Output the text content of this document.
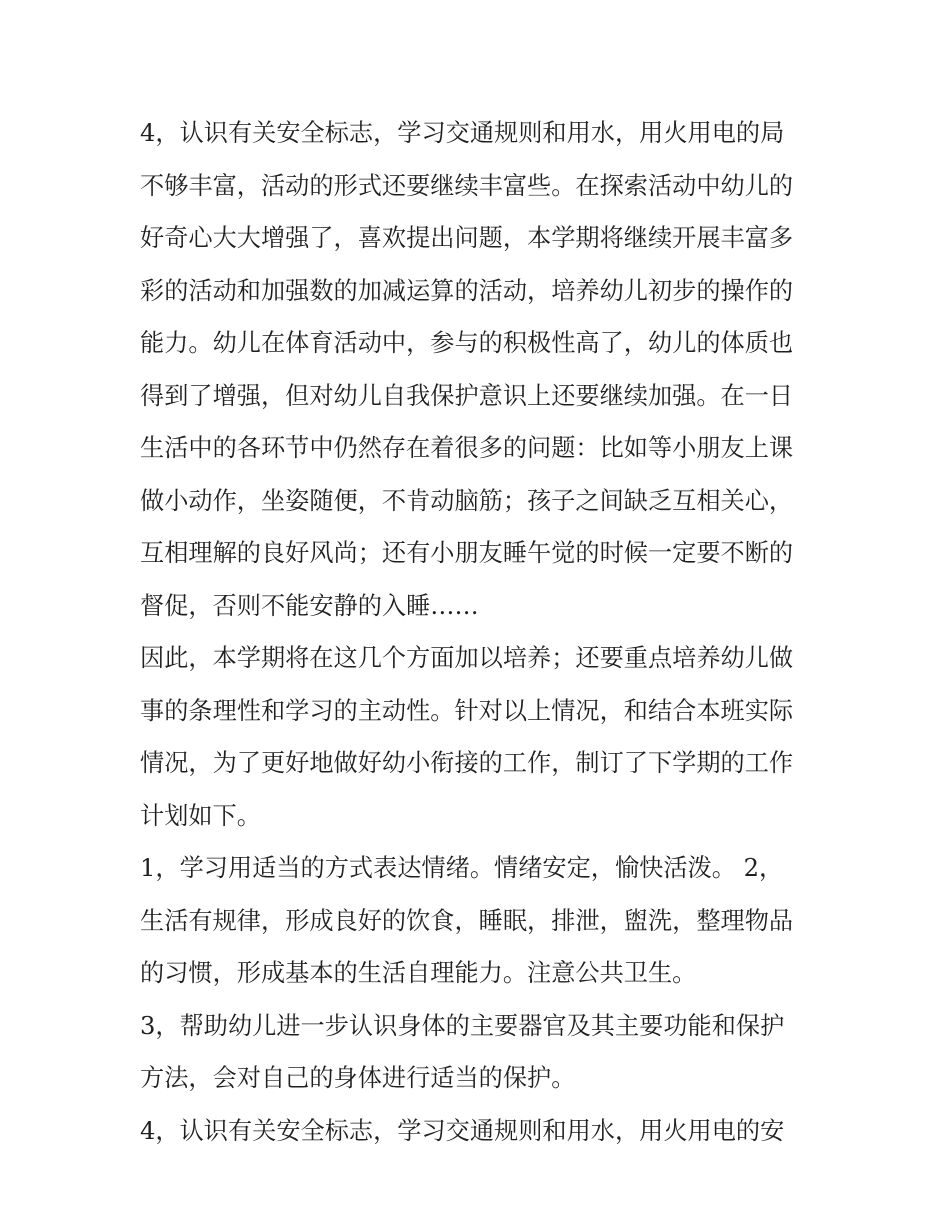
4，认识有关安全标志，学习交通规则和用水，用火用电的局
不够丰富，活动的形式还要继续丰富些。在探索活动中幼儿的
好奇心大大增强了，喜欢提出问题，本学期将继续开展丰富多
彩的活动和加强数的加减运算的活动，培养幼儿初步的操作的
能力。幼儿在体育活动中，参与的积极性高了，幼儿的体质也
得到了增强，但对幼儿自我保护意识上还要继续加强。在一日
生活中的各环节中仍然存在着很多的问题：比如等小朋友上课
做小动作，坐姿随便，不肯动脑筋；孩子之间缺乏互相关心，
互相理解的良好风尚；还有小朋友睡午觉的时候一定要不断的
督促，否则不能安静的入睡……
因此，本学期将在这几个方面加以培养；还要重点培养幼儿做
事的条理性和学习的主动性。针对以上情况，和结合本班实际
情况，为了更好地做好幼小衔接的工作，制订了下学期的工作
计划如下。
1，学习用适当的方式表达情绪。情绪安定，愉快活泼。 2，
生活有规律，形成良好的饮食，睡眠，排泄，盥洗，整理物品
的习惯，形成基本的生活自理能力。注意公共卫生。
3，帮助幼儿进一步认识身体的主要器官及其主要功能和保护
方法，会对自己的身体进行适当的保护。
4，认识有关安全标志，学习交通规则和用水，用火用电的安
